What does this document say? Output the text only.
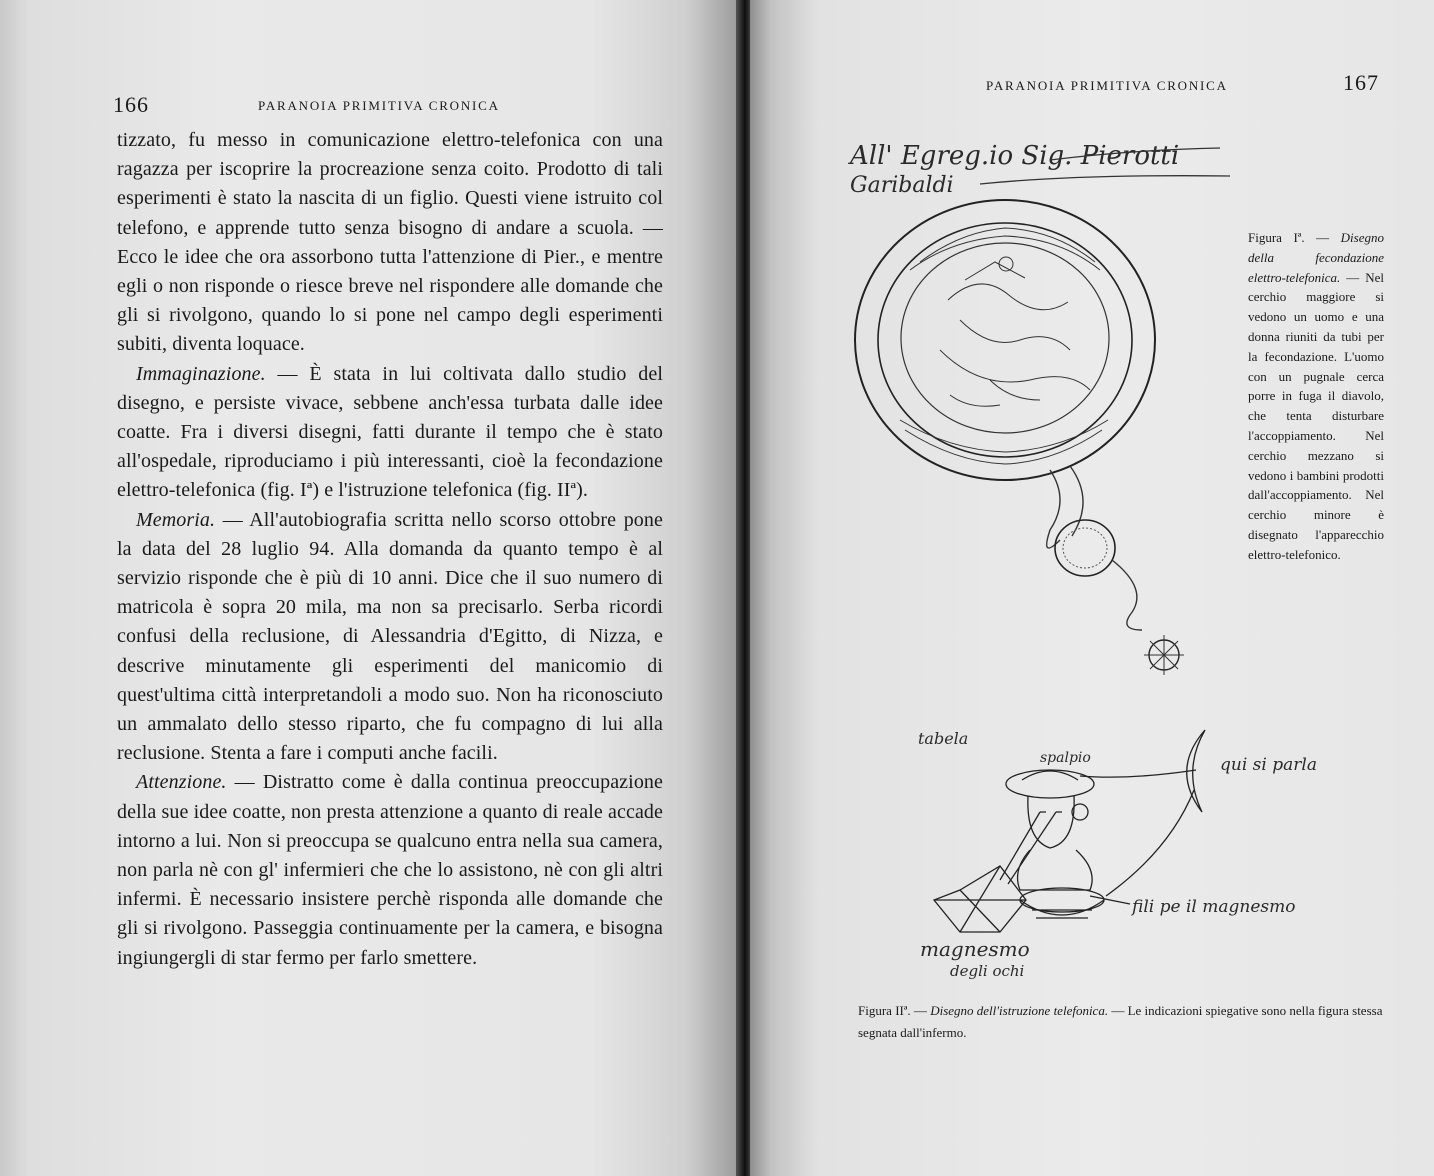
166	PARANOIA PRIMITIVA CRONICA

tizzato, fu messo in comunicazione elettro-telefonica con una ragazza per iscoprire la procreazione senza coito. Prodotto di tali esperimenti è stato la nascita di un figlio. Questi viene istruito col telefono, e apprende tutto senza bisogno di andare a scuola. — Ecco le idee che ora assorbono tutta l'attenzione di Pier., e mentre egli o non risponde o riesce breve nel rispondere alle domande che gli si rivolgono, quando lo si pone nel campo degli esperimenti subiti, diventa loquace.

Immaginazione. — È stata in lui coltivata dallo studio del disegno, e persiste vivace, sebbene anch'essa turbata dalle idee coatte. Fra i diversi disegni, fatti durante il tempo che è stato all'ospedale, riproduciamo i più interessanti, cioè la fecondazione elettro-telefonica (fig. Iª) e l'istruzione telefonica (fig. IIª).

Memoria. — All'autobiografia scritta nello scorso ottobre pone la data del 28 luglio 94. Alla domanda da quanto tempo è al servizio risponde che è più di 10 anni. Dice che il suo numero di matricola è sopra 20 mila, ma non sa precisarlo. Serba ricordi confusi della reclusione, di Alessandria d'Egitto, di Nizza, e descrive minutamente gli esperimenti del manicomio di quest'ultima città interpretandoli a modo suo. Non ha riconosciuto un ammalato dello stesso riparto, che fu compagno di lui alla reclusione. Stenta a fare i computi anche facili.

Attenzione. — Distratto come è dalla continua preoccupazione della sue idee coatte, non presta attenzione a quanto di reale accade intorno a lui. Non si preoccupa se qualcuno entra nella sua camera, non parla nè con gl' infermieri che che lo assistono, nè con gli altri infermi. È necessario insistere perchè risponda alle domande che gli si rivolgono. Passeggia continuamente per la camera, e bisogna ingiungergli di star fermo per farlo smettere.

PARANOIA PRIMITIVA CRONICA	167
All' Egreg.io Sig. Pierotti
Garibaldi
Figura Iª. — Disegno della fecondazione elettro-telefonica. — Nel cerchio maggiore si vedono un uomo e una donna riuniti da tubi per la fecondazione. L'uomo con un pugnale cerca porre in fuga il diavolo, che tenta disturbare l'accoppiamento. Nel cerchio mezzano si vedono i bambini prodotti dall'accoppiamento. Nel cerchio minore è disegnato l'apparecchio elettro-telefonico.
tabela
spalpio	qui si parla
fili pe il magnesmo
magnesmo
degli ochi
Figura IIª. — Disegno dell'istruzione telefonica. — Le indicazioni spiegative sono nella figura stessa segnata dall'infermo.
